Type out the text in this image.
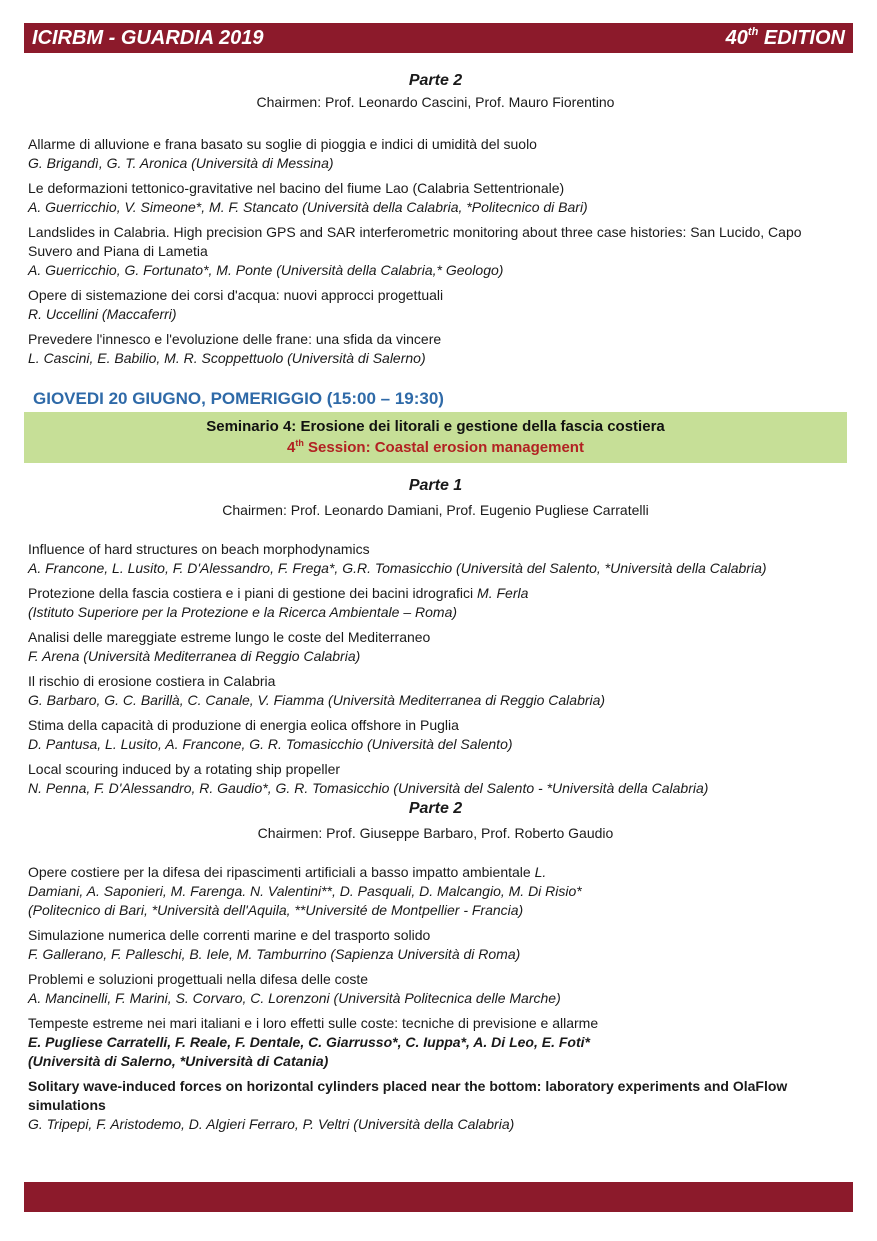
ICIRBM - GUARDIA 2019	40th EDITION
Parte 2
Chairmen: Prof. Leonardo Cascini, Prof. Mauro Fiorentino
Allarme di alluvione e frana basato su soglie di pioggia e indici di umidità del suolo
G. Brigandì, G. T. Aronica (Università di Messina)
Le deformazioni tettonico-gravitative nel bacino del fiume Lao (Calabria Settentrionale)
A. Guerricchio, V. Simeone*, M. F. Stancato (Università della Calabria, *Politecnico di Bari)
Landslides in Calabria. High precision GPS and SAR interferometric monitoring about three case histories: San Lucido, Capo Suvero and Piana di Lametia
A. Guerricchio, G. Fortunato*, M. Ponte (Università della Calabria,* Geologo)
Opere di sistemazione dei corsi d'acqua: nuovi approcci progettuali
R. Uccellini (Maccaferri)
Prevedere l'innesco e l'evoluzione delle frane: una sfida da vincere
L. Cascini, E. Babilio, M. R. Scoppettuolo (Università di Salerno)
GIOVEDI 20 GIUGNO, POMERIGGIO (15:00 – 19:30)
Seminario 4: Erosione dei litorali e gestione della fascia costiera
4th Session: Coastal erosion management
Parte 1
Chairmen: Prof. Leonardo Damiani, Prof. Eugenio Pugliese Carratelli
Influence of hard structures on beach morphodynamics
A. Francone, L. Lusito, F. D'Alessandro, F. Frega*, G.R. Tomasicchio (Università del Salento, *Università della Calabria)
Protezione della fascia costiera e i piani di gestione dei bacini idrografici M. Ferla
(Istituto Superiore per la Protezione e la Ricerca Ambientale – Roma)
Analisi delle mareggiate estreme lungo le coste del Mediterraneo
F. Arena (Università Mediterranea di Reggio Calabria)
Il rischio di erosione costiera in Calabria
G. Barbaro, G. C. Barillà, C. Canale, V. Fiamma (Università Mediterranea di Reggio Calabria)
Stima della capacità di produzione di energia eolica offshore in Puglia
D. Pantusa, L. Lusito, A. Francone, G. R. Tomasicchio (Università del Salento)
Local scouring induced by a rotating ship propeller
N. Penna, F. D'Alessandro, R. Gaudio*, G. R. Tomasicchio (Università del Salento - *Università della Calabria)
Parte 2
Chairmen: Prof. Giuseppe Barbaro, Prof. Roberto Gaudio
Opere costiere per la difesa dei ripascimenti artificiali a basso impatto ambientale L.
Damiani, A. Saponieri, M. Farenga. N. Valentini**, D. Pasquali, D. Malcangio, M. Di Risio*
(Politecnico di Bari, *Università dell'Aquila, **Université de Montpellier - Francia)
Simulazione numerica delle correnti marine e del trasporto solido
F. Gallerano, F. Palleschi, B. Iele, M. Tamburrino (Sapienza Università di Roma)
Problemi e soluzioni progettuali nella difesa delle coste
A. Mancinelli, F. Marini, S. Corvaro, C. Lorenzoni (Università Politecnica delle Marche)
Tempeste estreme nei mari italiani e i loro effetti sulle coste: tecniche di previsione e allarme
E. Pugliese Carratelli, F. Reale, F. Dentale, C. Giarrusso*, C. Iuppa*, A. Di Leo, E. Foti*
(Università di Salerno, *Università di Catania)
Solitary wave-induced forces on horizontal cylinders placed near the bottom: laboratory experiments and OlaFlow simulations
G. Tripepi, F. Aristodemo, D. Algieri Ferraro, P. Veltri (Università della Calabria)
